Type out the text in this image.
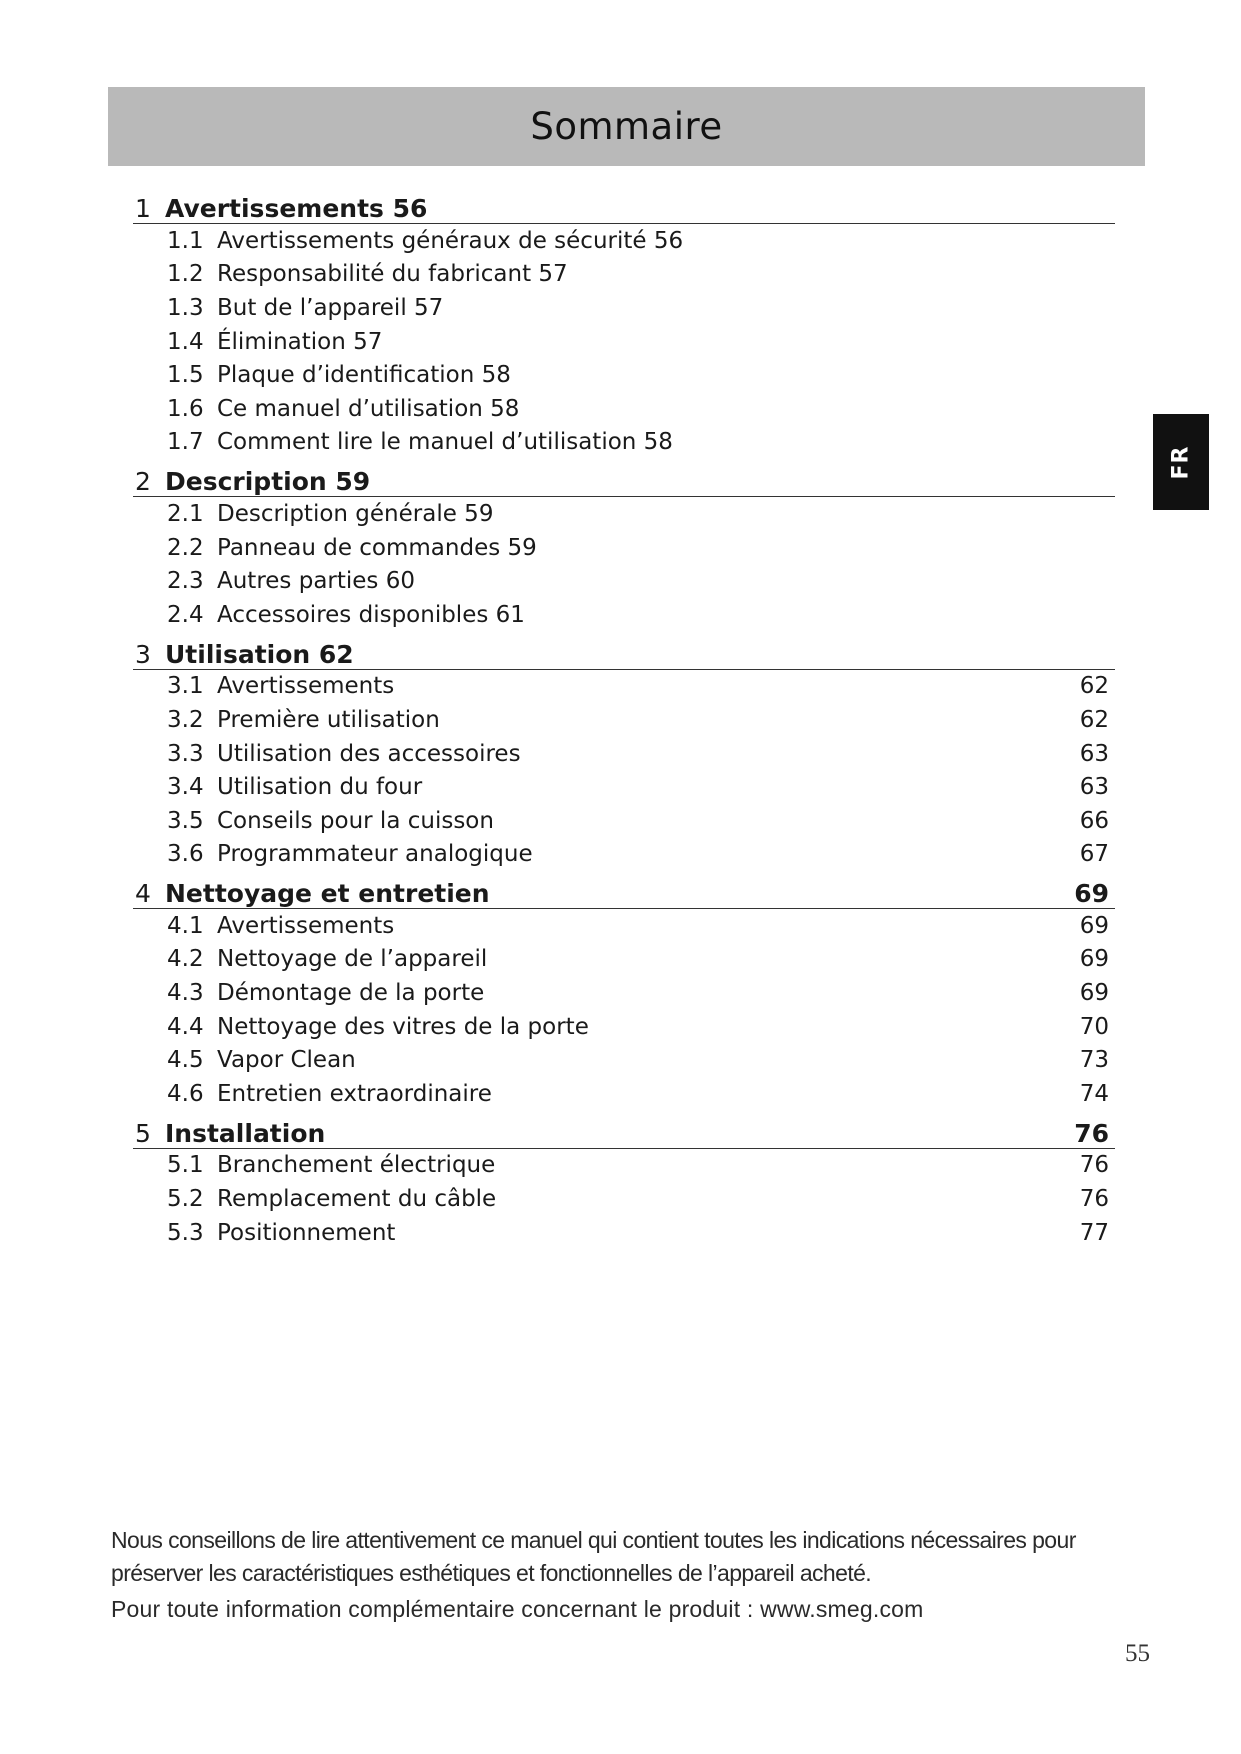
Sommaire
FR
1 Avertissements 56
1.1 Avertissements généraux de sécurité 56
1.2 Responsabilité du fabricant 57
1.3 But de l’appareil 57
1.4 Élimination 57
1.5 Plaque d’identification 58
1.6 Ce manuel d’utilisation 58
1.7 Comment lire le manuel d’utilisation 58
2 Description 59
2.1 Description générale 59
2.2 Panneau de commandes 59
2.3 Autres parties 60
2.4 Accessoires disponibles 61
3 Utilisation 62
3.1 Avertissements	62
3.2 Première utilisation	62
3.3 Utilisation des accessoires	63
3.4 Utilisation du four	63
3.5 Conseils pour la cuisson	66
3.6 Programmateur analogique	67
4 Nettoyage et entretien	69
4.1 Avertissements	69
4.2 Nettoyage de l’appareil	69
4.3 Démontage de la porte	69
4.4 Nettoyage des vitres de la porte	70
4.5 Vapor Clean	73
4.6 Entretien extraordinaire	74
5 Installation	76
5.1 Branchement électrique	76
5.2 Remplacement du câble	76
5.3 Positionnement	77

Nous conseillons de lire attentivement ce manuel qui contient toutes les indications nécessaires pour

préserver les caractéristiques esthétiques et fonctionnelles de l’appareil acheté.

Pour toute information complémentaire concernant le produit : www.smeg.com

55
